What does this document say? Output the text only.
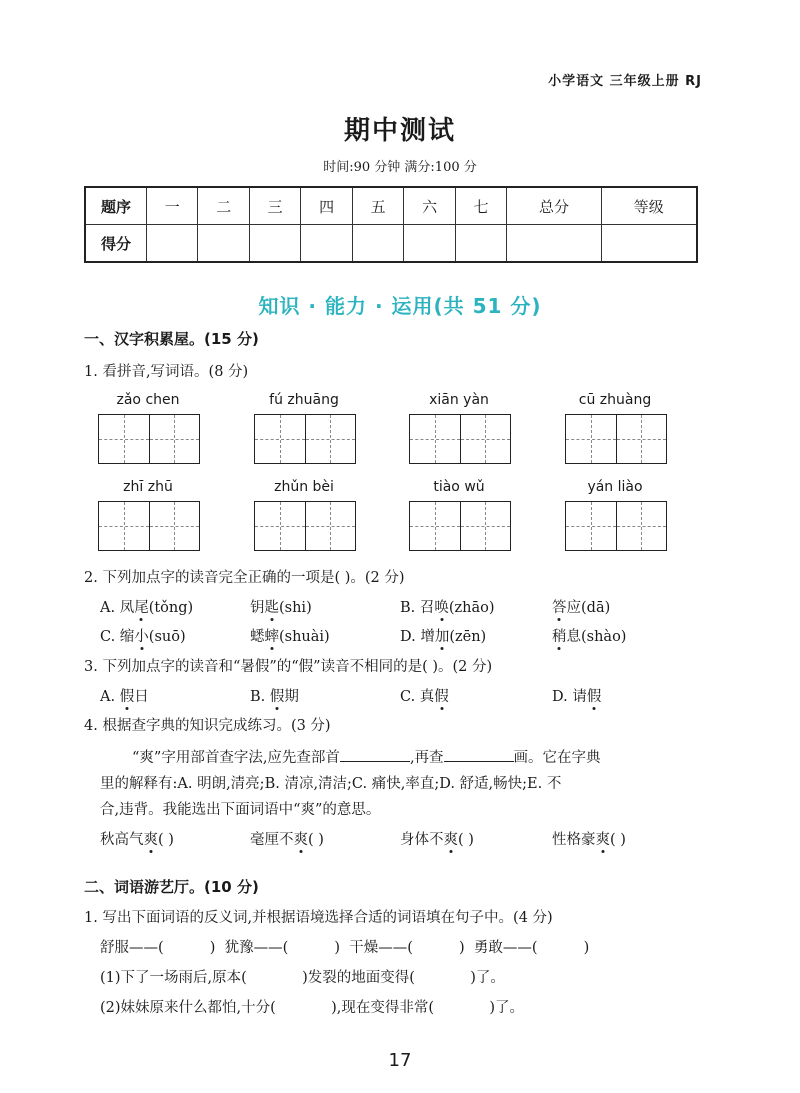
小学语文 三年级上册 RJ
期中测试
时间:90 分钟 满分:100 分
题序	一	二	三	四	五	六	七	总分	等级
得分									
知识 · 能力 · 运用(共 51 分)
一、汉字积累屋。(15 分)
1. 看拼音,写词语。(8 分)
zǎo chen	fú zhuāng	xiān yàn	cū zhuàng
zhī zhū	zhǔn bèi	tiào wǔ	yán liào
2. 下列加点字的读音完全正确的一项是( )。(2 分)
A. 凤尾(tǒng)	钥匙(shi)	B. 召唤(zhāo)	答应(dā)
C. 缩小(suō)	蟋蟀(shuài)	D. 增加(zēn)	稍息(shào)
3. 下列加点字的读音和“暑假”的“假”读音不相同的是( )。(2 分)
A. 假日	B. 假期	C. 真假	D. 请假
4. 根据查字典的知识完成练习。(3 分)
“爽”字用部首查字法,应先查部首	,再查	画。它在字典
里的解释有:A. 明朗,清亮;B. 清凉,清洁;C. 痛快,率直;D. 舒适,畅快;E. 不
合,违背。我能选出下面词语中“爽”的意思。
秋高气爽( )	毫厘不爽( )	身体不爽( )	性格豪爽( )
二、词语游艺厅。(10 分)
1. 写出下面词语的反义词,并根据语境选择合适的词语填在句子中。(4 分)
舒服——(          )  犹豫——(          )  干燥——(          )  勇敢——(          )
(1)下了一场雨后,原本(            )发裂的地面变得(            )了。
(2)妹妹原来什么都怕,十分(            ),现在变得非常(            )了。
17
